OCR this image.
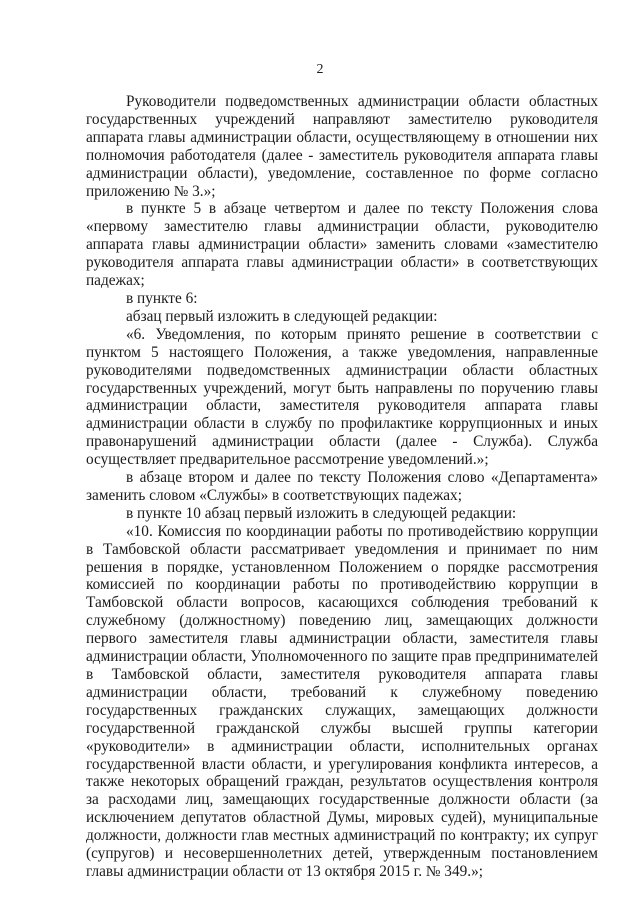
2

Руководители подведомственных администрации области областных государственных учреждений направляют заместителю руководителя аппарата главы администрации области, осуществляющему в отношении них полномочия работодателя (далее - заместитель руководителя аппарата главы администрации области), уведомление, составленное по форме согласно приложению № 3.»;

в пункте 5 в абзаце четвертом и далее по тексту Положения слова «первому заместителю главы администрации области, руководителю аппарата главы администрации области» заменить словами «заместителю руководителя аппарата главы администрации области» в соответствующих падежах;

в пункте 6:

абзац первый изложить в следующей редакции:

«6. Уведомления, по которым принято решение в соответствии с пунктом 5 настоящего Положения, а также уведомления, направленные руководителями подведомственных администрации области областных государственных учреждений, могут быть направлены по поручению главы администрации области, заместителя руководителя аппарата главы администрации области в службу по профилактике коррупционных и иных правонарушений администрации области (далее - Служба). Служба осуществляет предварительное рассмотрение уведомлений.»;

в абзаце втором и далее по тексту Положения слово «Департамента» заменить словом «Службы» в соответствующих падежах;

в пункте 10 абзац первый изложить в следующей редакции:

«10. Комиссия по координации работы по противодействию коррупции в Тамбовской области рассматривает уведомления и принимает по ним решения в порядке, установленном Положением о порядке рассмотрения комиссией по координации работы по противодействию коррупции в Тамбовской области вопросов, касающихся соблюдения требований к служебному (должностному) поведению лиц, замещающих должности первого заместителя главы администрации области, заместителя главы администрации области, Уполномоченного по защите прав предпринимателей в Тамбовской области, заместителя руководителя аппарата главы администрации области, требований к служебному поведению государственных гражданских служащих, замещающих должности государственной гражданской службы высшей группы категории «руководители» в администрации области, исполнительных органах государственной власти области, и урегулирования конфликта интересов, а также некоторых обращений граждан, результатов осуществления контроля за расходами лиц, замещающих государственные должности области (за исключением депутатов областной Думы, мировых судей), муниципальные должности, должности глав местных администраций по контракту; их супруг (супругов) и несовершеннолетних детей, утвержденным постановлением главы администрации области от 13 октября 2015 г. № 349.»;
